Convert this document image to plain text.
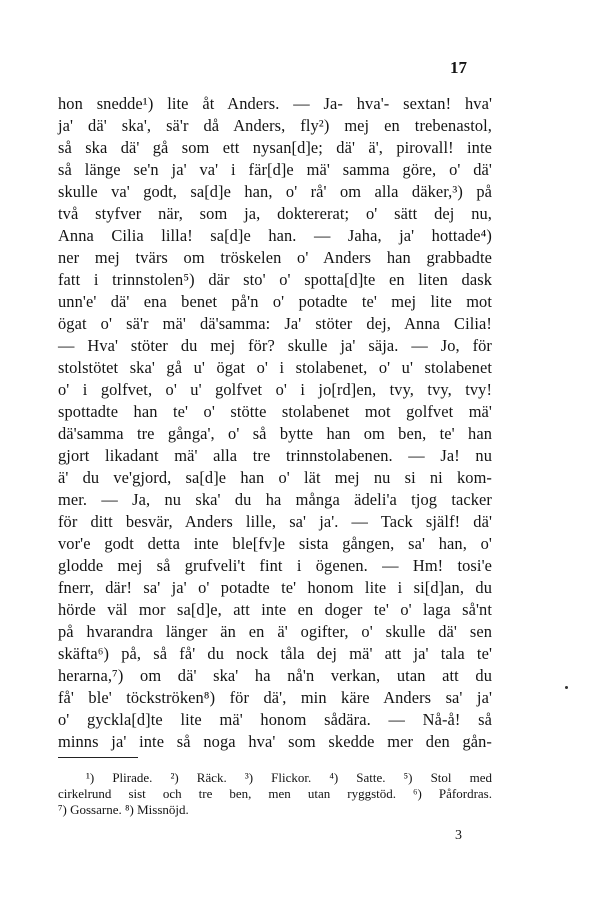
17
hon snedde¹) lite åt Anders. — Ja- hva'- sextan! hva'
ja' dä' ska', sä'r då Anders, fly²) mej en trebenastol,
så ska dä' gå som ett nysan[d]e; dä' ä', pirovall! inte
så länge se'n ja' va' i fär[d]e mä' samma göre, o' dä'
skulle va' godt, sa[d]e han, o' rå' om alla däker,³) på
två styfver när, som ja, doktererat; o' sätt dej nu,
Anna Cilia lilla! sa[d]e han. — Jaha, ja' hottade⁴)
ner mej tvärs om tröskelen o' Anders han grabbadte
fatt i trinnstolen⁵) där sto' o' spotta[d]te en liten dask
unn'e' dä' ena benet på'n o' potadte te' mej lite mot
ögat o' sä'r mä' dä'samma: Ja' stöter dej, Anna Cilia!
— Hva' stöter du mej för? skulle ja' säja. — Jo, för
stolstötet ska' gå u' ögat o' i stolabenet, o' u' stolabenet
o' i golfvet, o' u' golfvet o' i jo[rd]en, tvy, tvy, tvy!
spottadte han te' o' stötte stolabenet mot golfvet mä'
dä'samma tre gånga', o' så bytte han om ben, te' han
gjort likadant mä' alla tre trinnstolabenen. — Ja! nu
ä' du ve'gjord, sa[d]e han o' lät mej nu si ni kom-
mer. — Ja, nu ska' du ha många ädeli'a tjog tacker
för ditt besvär, Anders lille, sa' ja'. — Tack själf! dä'
vor'e godt detta inte ble[fv]e sista gången, sa' han, o'
glodde mej så grufveli't fint i ögenen. — Hm! tosi'e
fnerr, där! sa' ja' o' potadte te' honom lite i si[d]an, du
hörde väl mor sa[d]e, att inte en doger te' o' laga så'nt
på hvarandra länger än en ä' ogifter, o' skulle dä' sen
skäfta⁶) på, så få' du nock tåla dej mä' att ja' tala te'
herarna,⁷) om dä' ska' ha nå'n verkan, utan att du
få' ble' töckströken⁸) för dä', min käre Anders sa' ja'
o' gyckla[d]te lite mä' honom sådära. — Nå-å! så
minns ja' inte så noga hva' som skedde mer den gån-
¹) Plirade. ²) Räck. ³) Flickor. ⁴) Satte. ⁵) Stol med
cirkelrund sist och tre ben, men utan ryggstöd. ⁶) Påfordras.
⁷) Gossarne. ⁸) Missnöjd.
3
